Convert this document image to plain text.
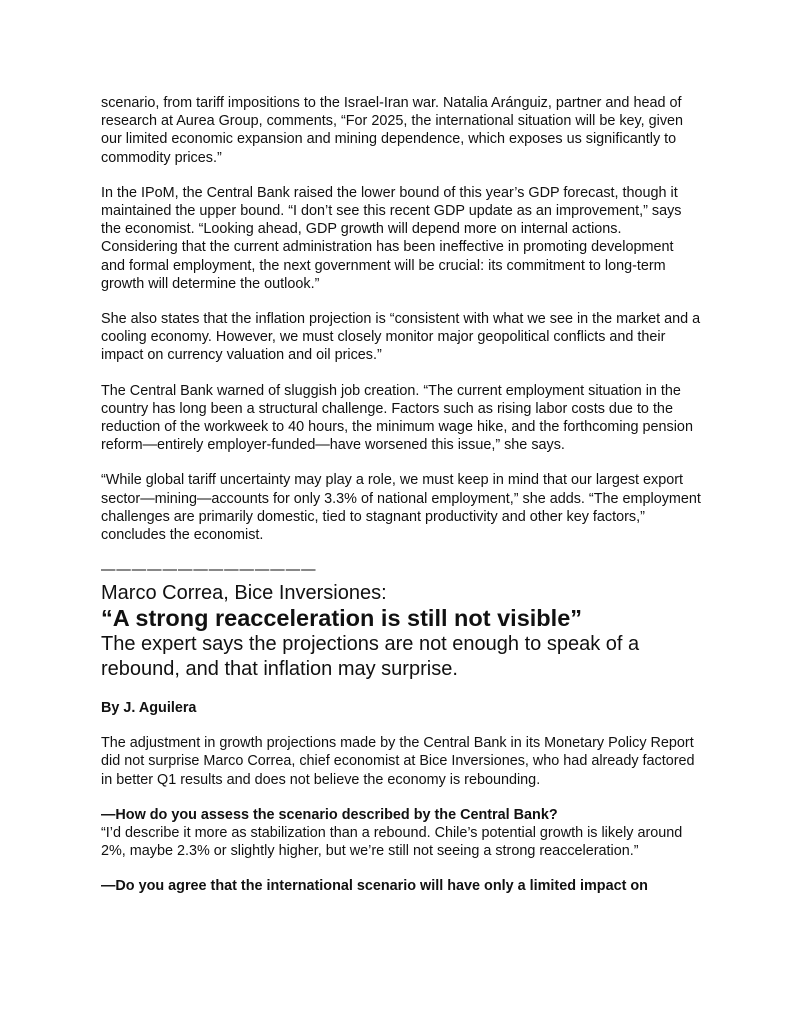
scenario, from tariff impositions to the Israel-Iran war. Natalia Aránguiz, partner and head of research at Aurea Group, comments, “For 2025, the international situation will be key, given our limited economic expansion and mining dependence, which exposes us significantly to commodity prices.”

In the IPoM, the Central Bank raised the lower bound of this year’s GDP forecast, though it maintained the upper bound. “I don’t see this recent GDP update as an improvement,” says the economist. “Looking ahead, GDP growth will depend more on internal actions. Considering that the current administration has been ineffective in promoting development and formal employment, the next government will be crucial: its commitment to long-term growth will determine the outlook.”

She also states that the inflation projection is “consistent with what we see in the market and a cooling economy. However, we must closely monitor major geopolitical conflicts and their impact on currency valuation and oil prices.”

The Central Bank warned of sluggish job creation. “The current employment situation in the country has long been a structural challenge. Factors such as rising labor costs due to the reduction of the workweek to 40 hours, the minimum wage hike, and the forthcoming pension reform—entirely employer-funded—have worsened this issue,” she says.

“While global tariff uncertainty may play a role, we must keep in mind that our largest export sector—mining—accounts for only 3.3% of national employment,” she adds. “The employment challenges are primarily domestic, tied to stagnant productivity and other key factors,” concludes the economist.

——————————————

Marco Correa, Bice Inversiones:

“A strong reacceleration is still not visible”

The expert says the projections are not enough to speak of a rebound, and that inflation may surprise.

By J. Aguilera

The adjustment in growth projections made by the Central Bank in its Monetary Policy Report did not surprise Marco Correa, chief economist at Bice Inversiones, who had already factored in better Q1 results and does not believe the economy is rebounding.

—How do you assess the scenario described by the Central Bank?

“I’d describe it more as stabilization than a rebound. Chile’s potential growth is likely around 2%, maybe 2.3% or slightly higher, but we’re still not seeing a strong reacceleration.”

—Do you agree that the international scenario will have only a limited impact on
